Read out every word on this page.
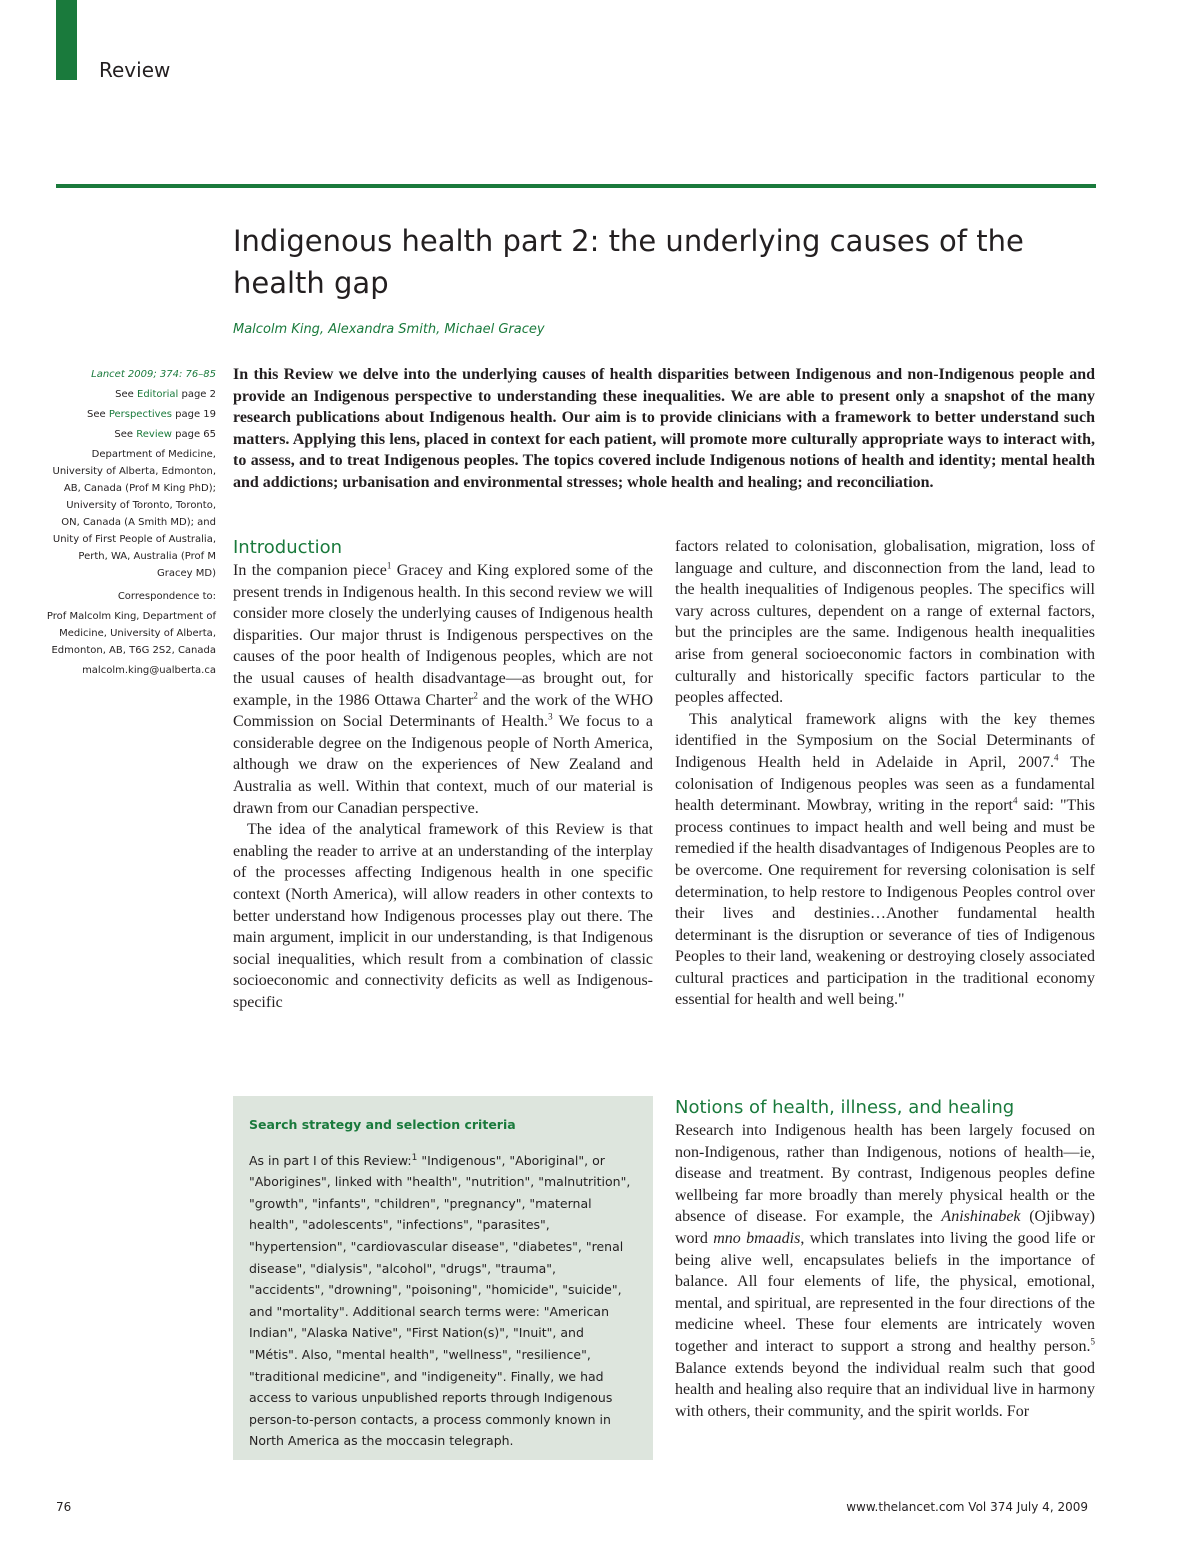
Review
Indigenous health part 2: the underlying causes of the health gap
Malcolm King, Alexandra Smith, Michael Gracey

Lancet 2009; 374: 76–85

See Editorial page 2

See Perspectives page 19

See Review page 65

Department of Medicine, University of Alberta, Edmonton, AB, Canada (Prof M King PhD); University of Toronto, Toronto, ON, Canada (A Smith MD); and Unity of First People of Australia, Perth, WA, Australia (Prof M Gracey MD)

Correspondence to:

Prof Malcolm King, Department of Medicine, University of Alberta, Edmonton, AB, T6G 2S2, Canada

malcolm.king@ualberta.ca

In this Review we delve into the underlying causes of health disparities between Indigenous and non-Indigenous people and provide an Indigenous perspective to understanding these inequalities. We are able to present only a snapshot of the many research publications about Indigenous health. Our aim is to provide clinicians with a framework to better understand such matters. Applying this lens, placed in context for each patient, will promote more culturally appropriate ways to interact with, to assess, and to treat Indigenous peoples. The topics covered include Indigenous notions of health and identity; mental health and addictions; urbanisation and environmental stresses; whole health and healing; and reconciliation.

Introduction

In the companion piece$^1$ Gracey and King explored some of the present trends in Indigenous health. In this second review we will consider more closely the underlying causes of Indigenous health disparities. Our major thrust is Indigenous perspectives on the causes of the poor health of Indigenous peoples, which are not the usual causes of health disadvantage—as brought out, for example, in the 1986 Ottawa Charter$^2$ and the work of the WHO Commission on Social Determinants of Health.$^3$ We focus to a considerable degree on the Indigenous people of North America, although we draw on the experiences of New Zealand and Australia as well. Within that context, much of our material is drawn from our Canadian perspective.

The idea of the analytical framework of this Review is that enabling the reader to arrive at an understanding of the interplay of the processes affecting Indigenous health in one specific context (North America), will allow readers in other contexts to better understand how Indigenous processes play out there. The main argument, implicit in our understanding, is that Indigenous social inequalities, which result from a combination of classic socioeconomic and connectivity deficits as well as Indigenous-specific

factors related to colonisation, globalisation, migration, loss of language and culture, and disconnection from the land, lead to the health inequalities of Indigenous peoples. The specifics will vary across cultures, dependent on a range of external factors, but the principles are the same. Indigenous health inequalities arise from general socioeconomic factors in combination with culturally and historically specific factors particular to the peoples affected.

This analytical framework aligns with the key themes identified in the Symposium on the Social Determinants of Indigenous Health held in Adelaide in April, 2007.$^4$ The colonisation of Indigenous peoples was seen as a fundamental health determinant. Mowbray, writing in the report$^4$ said: "This process continues to impact health and well being and must be remedied if the health disadvantages of Indigenous Peoples are to be overcome. One requirement for reversing colonisation is self determination, to help restore to Indigenous Peoples control over their lives and destinies…Another fundamental health determinant is the disruption or severance of ties of Indigenous Peoples to their land, weakening or destroying closely associated cultural practices and participation in the traditional economy essential for health and well being."

Notions of health, illness, and healing

Research into Indigenous health has been largely focused on non-Indigenous, rather than Indigenous, notions of health—ie, disease and treatment. By contrast, Indigenous peoples define wellbeing far more broadly than merely physical health or the absence of disease. For example, the Anishinabek (Ojibway) word mno bmaadis, which translates into living the good life or being alive well, encapsulates beliefs in the importance of balance. All four elements of life, the physical, emotional, mental, and spiritual, are represented in the four directions of the medicine wheel. These four elements are intricately woven together and interact to support a strong and healthy person.$^5$ Balance extends beyond the individual realm such that good health and healing also require that an individual live in harmony with others, their community, and the spirit worlds. For

Search strategy and selection criteria

As in part I of this Review:$^1$ "Indigenous", "Aboriginal", or "Aborigines", linked with "health", "nutrition", "malnutrition", "growth", "infants", "children", "pregnancy", "maternal health", "adolescents", "infections", "parasites", "hypertension", "cardiovascular disease", "diabetes", "renal disease", "dialysis", "alcohol", "drugs", "trauma", "accidents", "drowning", "poisoning", "homicide", "suicide", and "mortality". Additional search terms were: "American Indian", "Alaska Native", "First Nation(s)", "Inuit", and "Métis". Also, "mental health", "wellness", "resilience", "traditional medicine", and "indigeneity". Finally, we had access to various unpublished reports through Indigenous person-to-person contacts, a process commonly known in North America as the moccasin telegraph.

76	www.thelancet.com Vol 374 July 4, 2009
